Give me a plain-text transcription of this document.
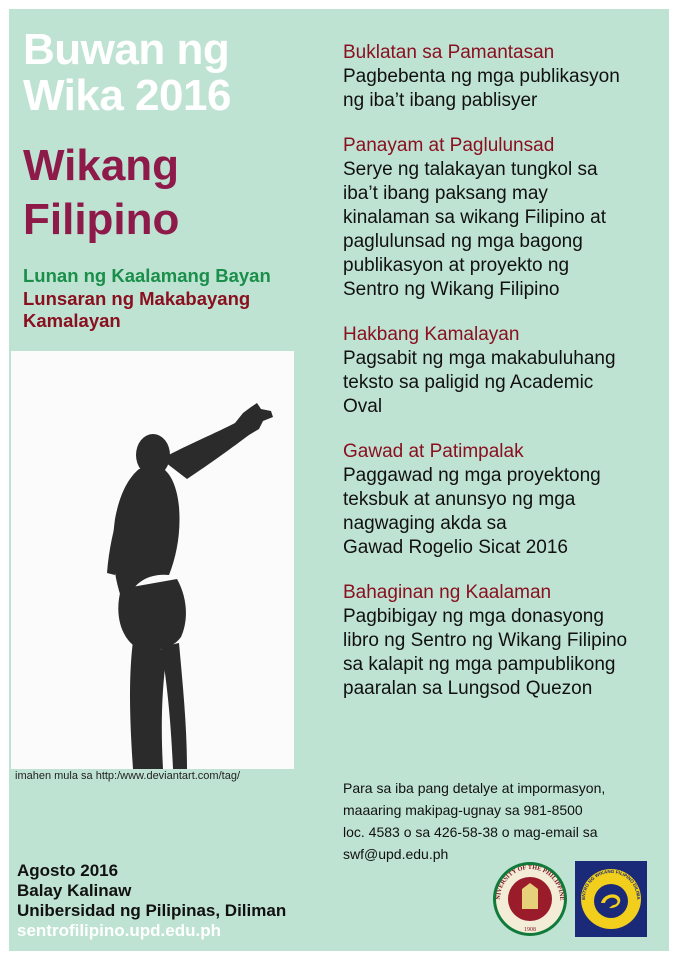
Buwan ng
Wika 2016
Wikang
Filipino
Lunan ng Kaalamang Bayan
Lunsaran ng Makabayang
Kamalayan
imahen mula sa http:/www.deviantart.com/tag/
Buklatan sa Pamantasan
Pagbebenta ng mga publikasyon
ng iba’t ibang pablisyer
Panayam at Paglulunsad
Serye ng talakayan tungkol sa
iba’t ibang paksang may
kinalaman sa wikang Filipino at
paglulunsad ng mga bagong
publikasyon at proyekto ng
Sentro ng Wikang Filipino
Hakbang Kamalayan
Pagsabit ng mga makabuluhang
teksto sa paligid ng Academic
Oval
Gawad at Patimpalak
Paggawad ng mga proyektong
teksbuk at anunsyo ng mga
nagwaging akda sa
Gawad Rogelio Sicat 2016
Bahaginan ng Kaalaman
Pagbibigay ng mga donasyong
libro ng Sentro ng Wikang Filipino
sa kalapit ng mga pampublikong
paaralan sa Lungsod Quezon
Para sa iba pang detalye at impormasyon,
maaaring makipag-ugnay sa 981-8500
loc. 4583 o sa 426-58-38 o mag-email sa
swf@upd.edu.ph
Agosto 2016
Balay Kalinaw
Unibersidad ng Pilipinas, Diliman
sentrofilipino.upd.edu.ph
NIVERSITY OF THE PHILIPPINE
1908
ENTRO NG WIKANG FILIPINO DILIMA
